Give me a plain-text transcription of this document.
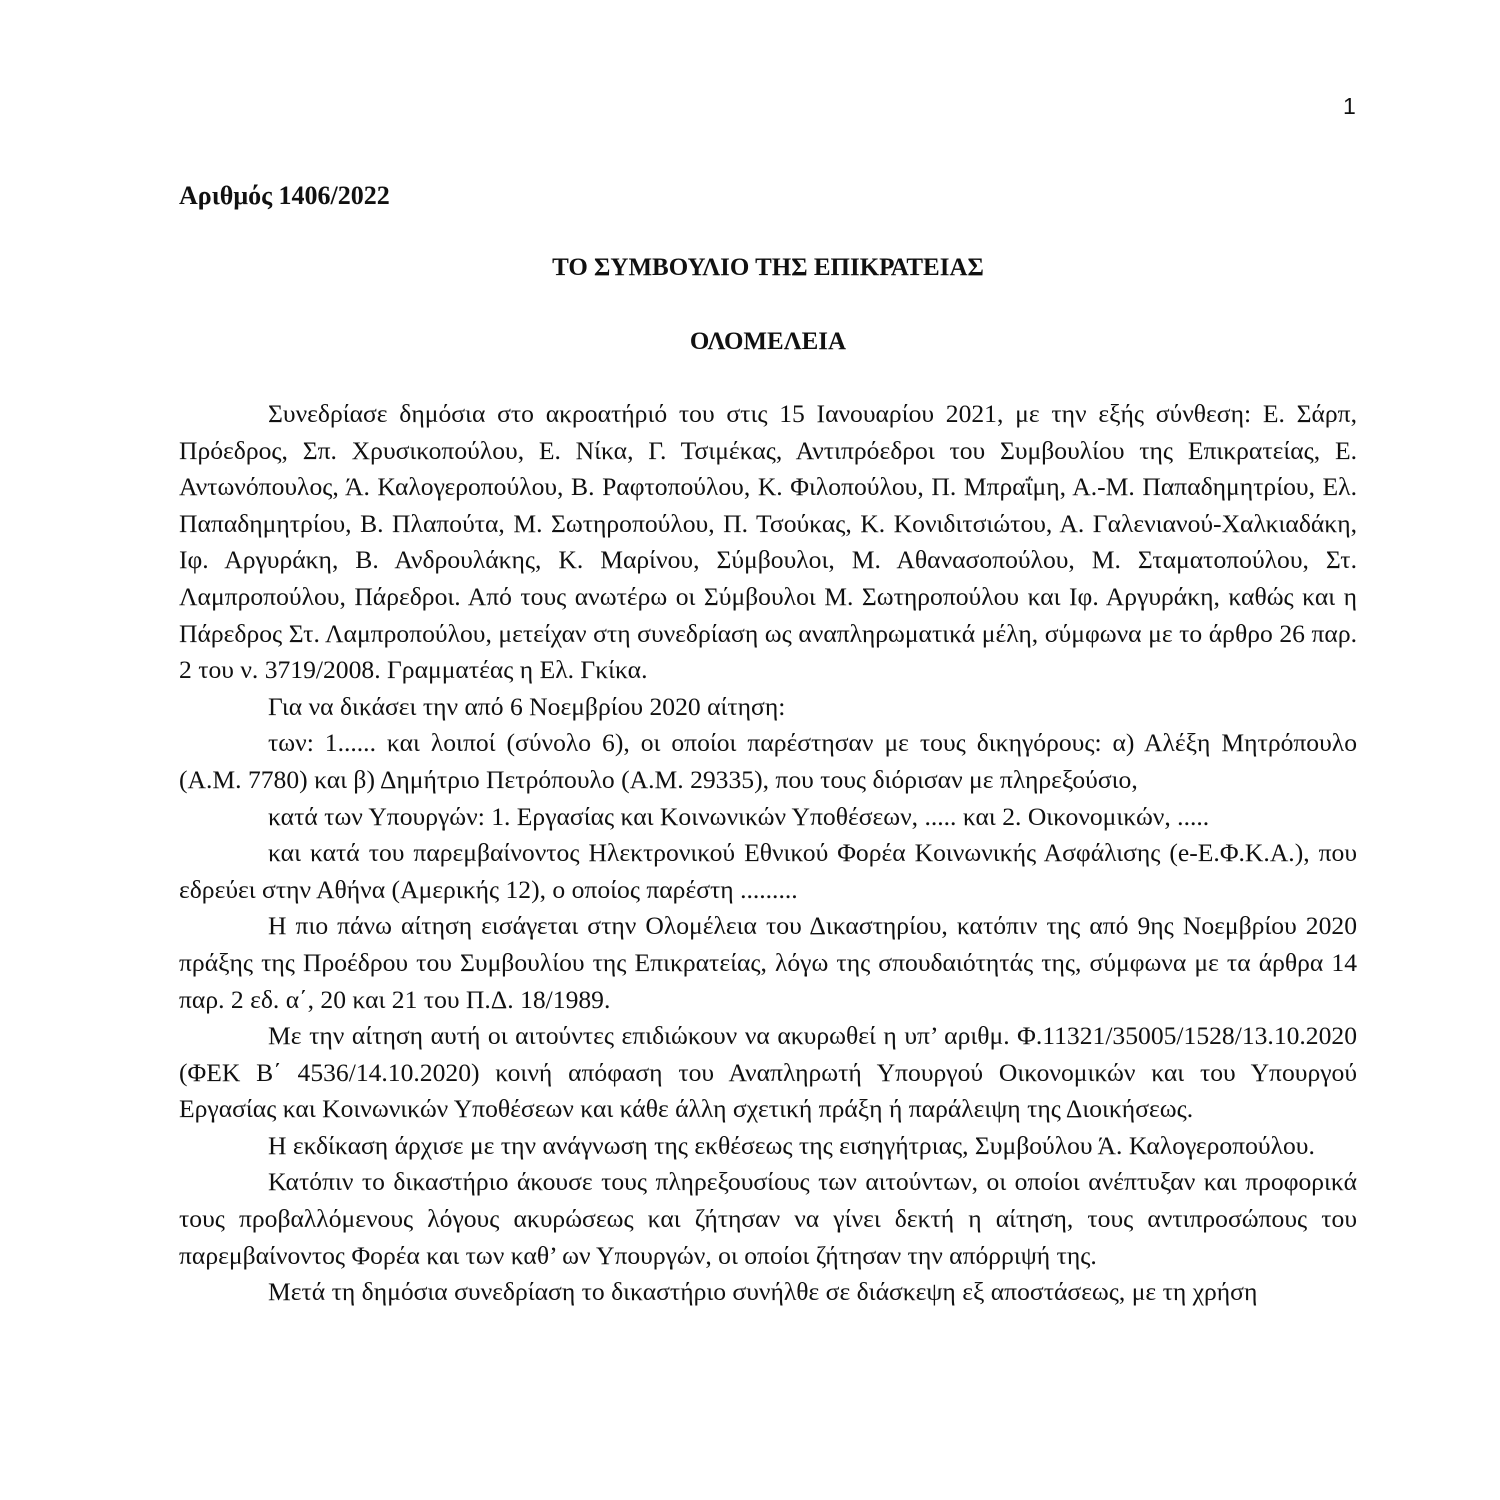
1
Αριθμός 1406/2022
ΤΟ ΣΥΜΒΟΥΛΙΟ ΤΗΣ ΕΠΙΚΡΑΤΕΙΑΣ
ΟΛΟΜΕΛΕΙΑ

Συνεδρίασε δημόσια στο ακροατήριό του στις 15 Ιανουαρίου 2021, με την εξής σύνθεση: Ε. Σάρπ, Πρόεδρος, Σπ. Χρυσικοπούλου, Ε. Νίκα, Γ. Τσιμέκας, Αντιπρόεδροι του Συμβουλίου της Επικρατείας, Ε. Αντωνόπουλος, Ά. Καλογεροπούλου, Β. Ραφτοπούλου, Κ. Φιλοπούλου, Π. Μπραΐμη, Α.-Μ. Παπαδημητρίου, Ελ. Παπαδημητρίου, Β. Πλαπούτα, Μ. Σωτηροπούλου, Π. Τσούκας, Κ. Κονιδιτσιώτου, Α. Γαλενιανού-Χαλκιαδάκη, Ιφ. Αργυράκη, Β. Ανδρουλάκης, Κ. Μαρίνου, Σύμβουλοι, Μ. Αθανασοπούλου, Μ. Σταματοπούλου, Στ. Λαμπροπούλου, Πάρεδροι. Από τους ανωτέρω οι Σύμβουλοι Μ. Σωτηροπούλου και Ιφ. Αργυράκη, καθώς και η Πάρεδρος Στ. Λαμπροπούλου, μετείχαν στη συνεδρίαση ως αναπληρωματικά μέλη, σύμφωνα με το άρθρο 26 παρ. 2 του ν. 3719/2008. Γραμματέας η Ελ. Γκίκα.

Για να δικάσει την από 6 Νοεμβρίου 2020 αίτηση:

των: 1...... και λοιποί (σύνολο 6), οι οποίοι παρέστησαν με τους δικηγόρους: α) Αλέξη Μητρόπουλο (Α.Μ. 7780) και β) Δημήτριο Πετρόπουλο (Α.Μ. 29335), που τους διόρισαν με πληρεξούσιο,

κατά των Υπουργών: 1. Εργασίας και Κοινωνικών Υποθέσεων, ..... και 2. Οικονομικών, .....

και κατά του παρεμβαίνοντος Ηλεκτρονικού Εθνικού Φορέα Κοινωνικής Ασφάλισης (e-Ε.Φ.Κ.Α.), που εδρεύει στην Αθήνα (Αμερικής 12), ο οποίος παρέστη .........

Η πιο πάνω αίτηση εισάγεται στην Ολομέλεια του Δικαστηρίου, κατόπιν της από 9ης Νοεμβρίου 2020 πράξης της Προέδρου του Συμβουλίου της Επικρατείας, λόγω της σπουδαιότητάς της, σύμφωνα με τα άρθρα 14 παρ. 2 εδ. α΄, 20 και 21 του Π.Δ. 18/1989.

Με την αίτηση αυτή οι αιτούντες επιδιώκουν να ακυρωθεί η υπ’ αριθμ. Φ.11321/35005/1528/13.10.2020 (ΦΕΚ Β΄ 4536/14.10.2020) κοινή απόφαση του Αναπληρωτή Υπουργού Οικονομικών και του Υπουργού Εργασίας και Κοινωνικών Υποθέσεων και κάθε άλλη σχετική πράξη ή παράλειψη της Διοικήσεως.

Η εκδίκαση άρχισε με την ανάγνωση της εκθέσεως της εισηγήτριας, Συμβούλου Ά. Καλογεροπούλου.

Κατόπιν το δικαστήριο άκουσε τους πληρεξουσίους των αιτούντων, οι οποίοι ανέπτυξαν και προφορικά τους προβαλλόμενους λόγους ακυρώσεως και ζήτησαν να γίνει δεκτή η αίτηση, τους αντιπροσώπους του παρεμβαίνοντος Φορέα και των καθ’ ων Υπουργών, οι οποίοι ζήτησαν την απόρριψή της.

Μετά τη δημόσια συνεδρίαση το δικαστήριο συνήλθε σε διάσκεψη εξ αποστάσεως, με τη χρήση
